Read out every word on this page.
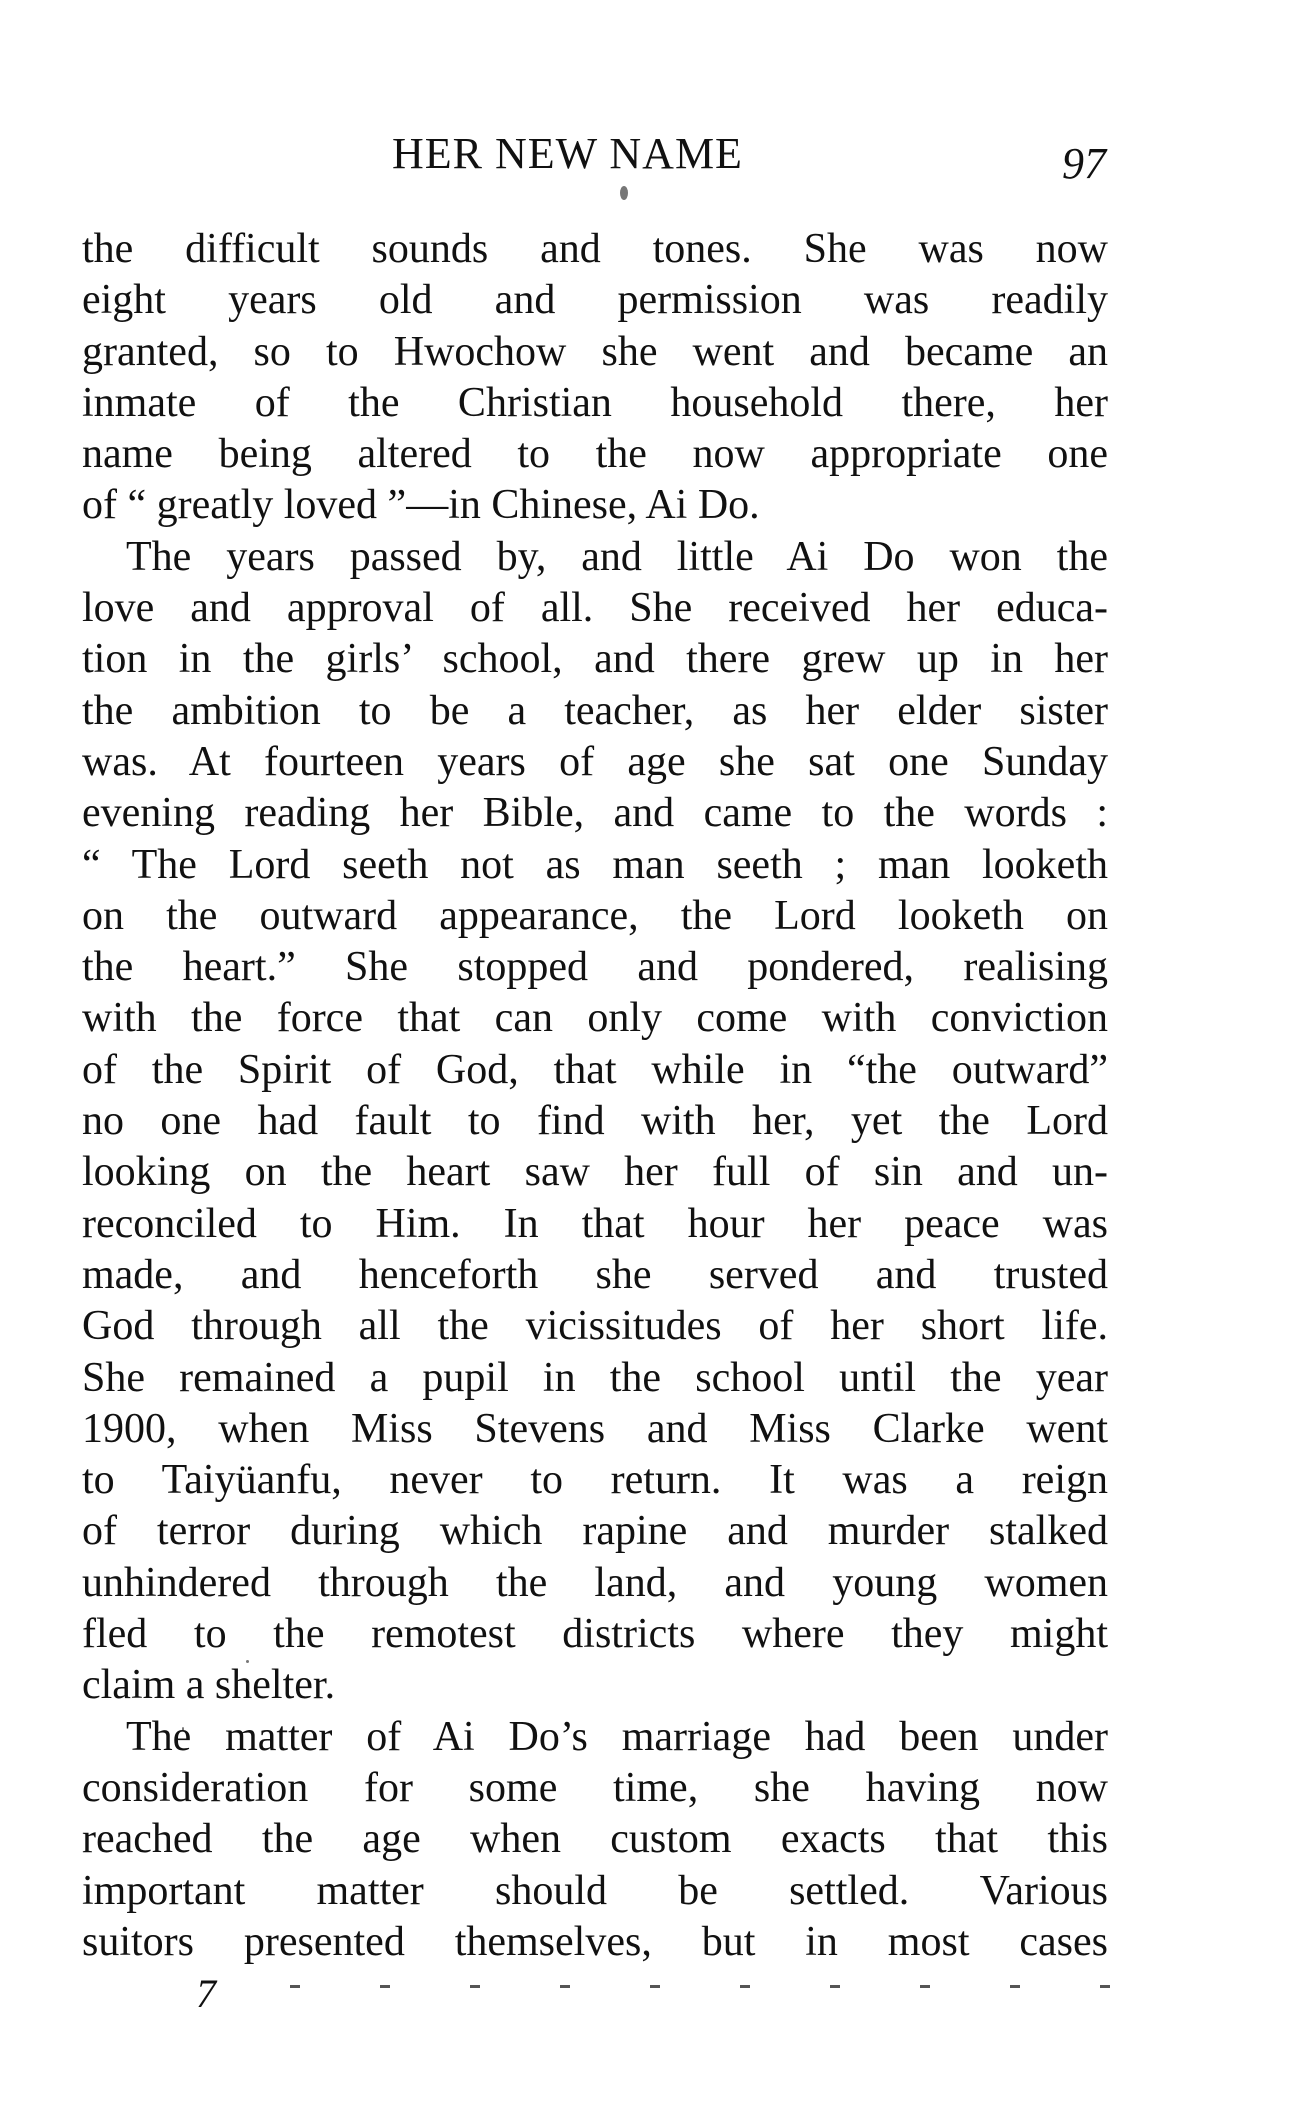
HER NEW NAME	97
the difficult sounds and tones. She was now
eight years old and permission was readily
granted, so to Hwochow she went and became an
inmate of the Christian household there, her
name being altered to the now appropriate one
of “ greatly loved ”—in Chinese, Ai Do.
The years passed by, and little Ai Do won the
love and approval of all. She received her educa-
tion in the girls’ school, and there grew up in her
the ambition to be a teacher, as her elder sister
was. At fourteen years of age she sat one Sunday
evening reading her Bible, and came to the words :
“ The Lord seeth not as man seeth ; man looketh
on the outward appearance, the Lord looketh on
the heart.” She stopped and pondered, realising
with the force that can only come with conviction
of the Spirit of God, that while in “the outward”
no one had fault to find with her, yet the Lord
looking on the heart saw her full of sin and un-
reconciled to Him. In that hour her peace was
made, and henceforth she served and trusted
God through all the vicissitudes of her short life.
She remained a pupil in the school until the year
1900, when Miss Stevens and Miss Clarke went
to Taiyüanfu, never to return. It was a reign
of terror during which rapine and murder stalked
unhindered through the land, and young women
fled to the remotest districts where they might
claim a shelter.
The matter of Ai Do’s marriage had been under
consideration for some time, she having now
reached the age when custom exacts that this
important matter should be settled. Various
suitors presented themselves, but in most cases
7
